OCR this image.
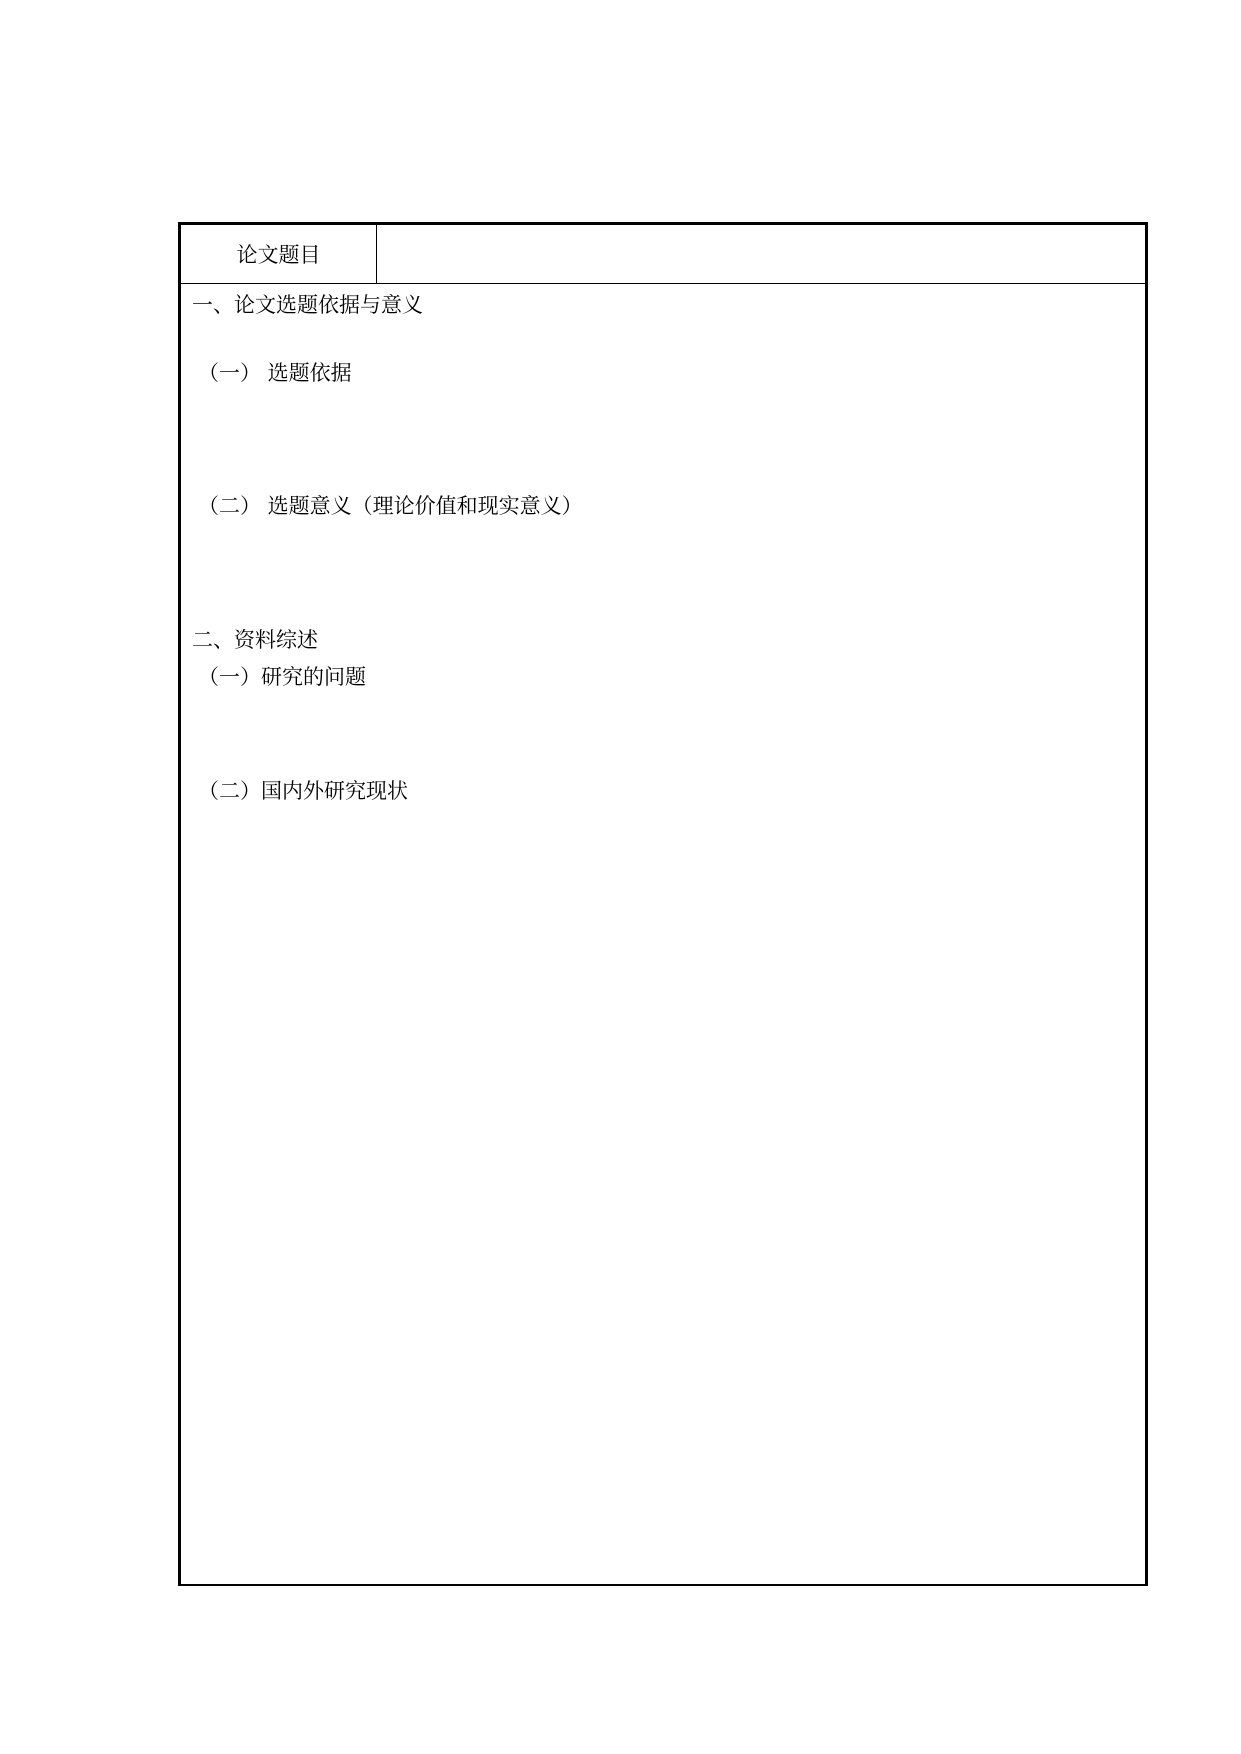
论文题目
一、论文选题依据与意义
（一） 选题依据
（二） 选题意义（理论价值和现实意义）
二、资料综述
（一）研究的问题
（二）国内外研究现状
